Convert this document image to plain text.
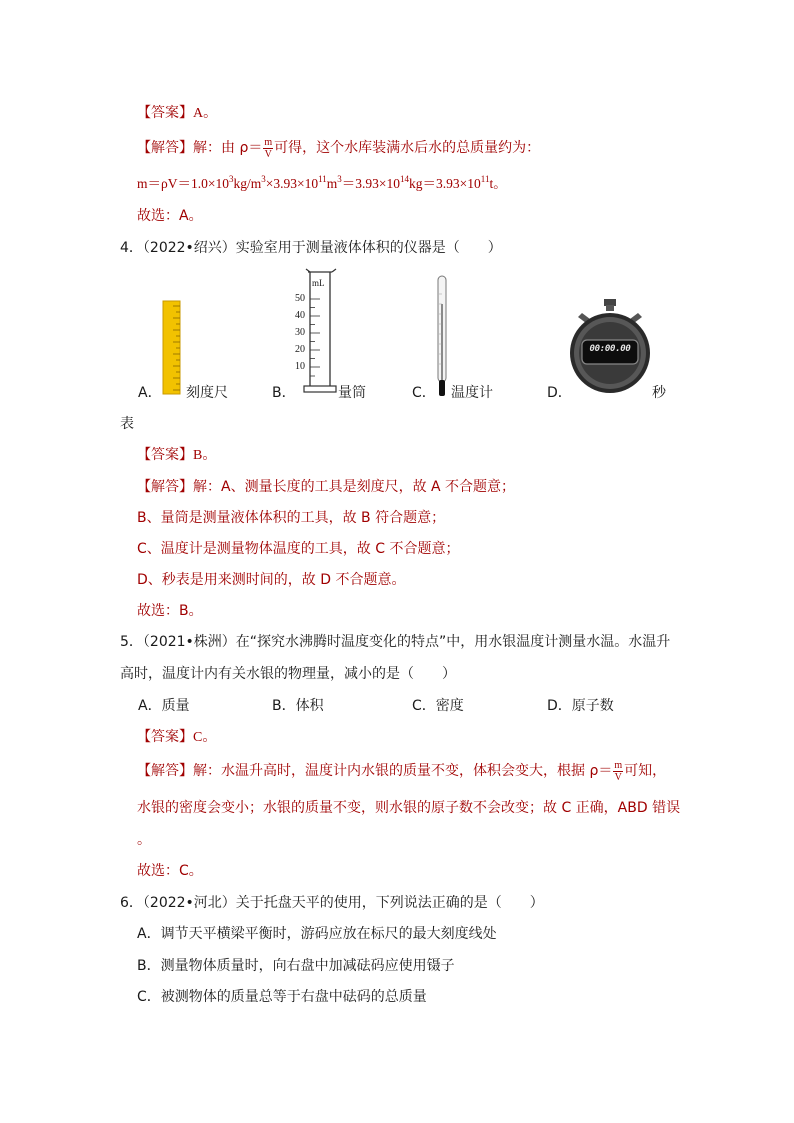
【答案】A。
【解答】解：由 $\rho= \frac{m}{V}$ 可得，这个水库装满水后水的总质量约为：
$m=\rho V=1.0\times 10^3kg/m^3\times 3.93\times 10^{11}m^3=3.93\times 10^{14}kg=3.93\times 10^{11}t$。
故选：A。
4．（2022•绍兴）实验室用于测量液体体积的仪器是（　　）
mL
50
40
30
20
10
00:00.00
A． 刻度尺	B．	量筒	C． 温度计	D．	秒
表
【答案】B。
【解答】解：A、测量长度的工具是刻度尺，故 A 不合题意；
B、量筒是测量液体体积的工具，故 B 符合题意；
C、温度计是测量物体温度的工具，故 C 不合题意；
D、秒表是用来测时间的，故 D 不合题意。
故选：B。
5．（2021•株洲）在“探究水沸腾时温度变化的特点”中，用水银温度计测量水温。水温升
高时，温度计内有关水银的物理量，减小的是（　　）
A．质量	B．体积	C．密度	D．原子数
【答案】C。
【解答】解：水温升高时，温度计内水银的质量不变，体积会变大，根据 $\rho= \frac{m}{V}$ 可知，
水银的密度会变小；水银的质量不变，则水银的原子数不会改变；故 C 正确，ABD 错误
。
故选：C。
6．（2022•河北）关于托盘天平的使用，下列说法正确的是（　　）
A．调节天平横梁平衡时，游码应放在标尺的最大刻度线处
B．测量物体质量时，向右盘中加减砝码应使用镊子
C．被测物体的质量总等于右盘中砝码的总质量
